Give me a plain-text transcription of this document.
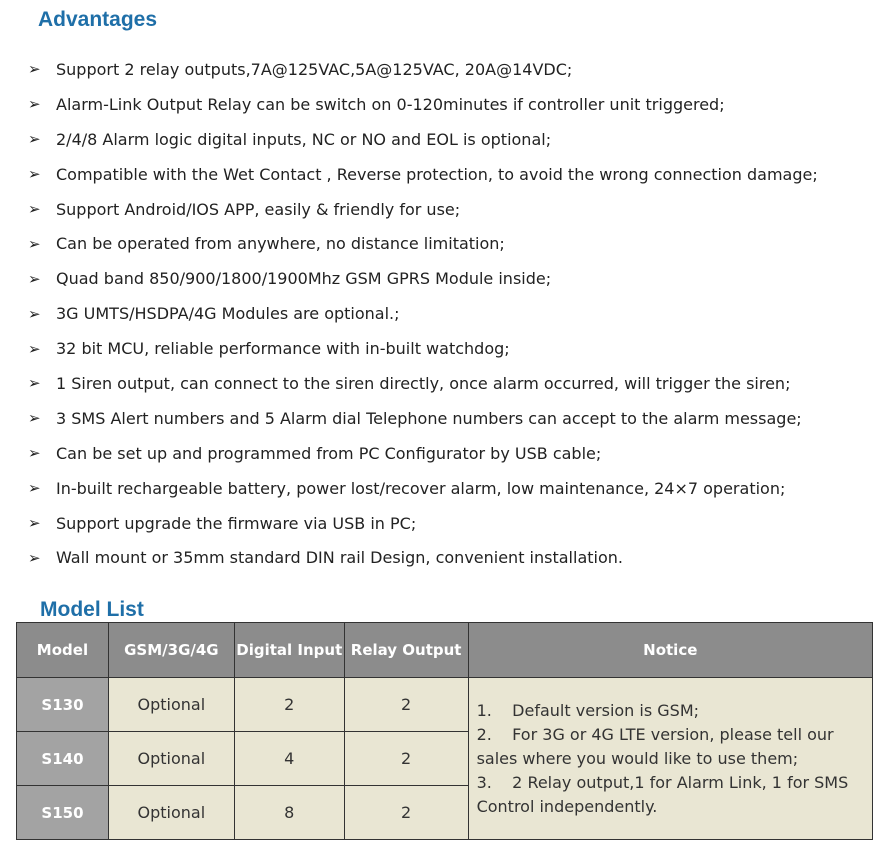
Advantages
➢ Support 2 relay outputs,7A@125VAC,5A@125VAC, 20A@14VDC;
➢ Alarm-Link Output Relay can be switch on 0-120minutes if controller unit triggered;
➢ 2/4/8 Alarm logic digital inputs, NC or NO and EOL is optional;
➢ Compatible with the Wet Contact , Reverse protection, to avoid the wrong connection damage;
➢ Support Android/IOS APP, easily & friendly for use;
➢ Can be operated from anywhere, no distance limitation;
➢ Quad band 850/900/1800/1900Mhz GSM GPRS Module inside;
➢ 3G UMTS/HSDPA/4G Modules are optional.;
➢ 32 bit MCU, reliable performance with in-built watchdog;
➢ 1 Siren output, can connect to the siren directly, once alarm occurred, will trigger the siren;
➢ 3 SMS Alert numbers and 5 Alarm dial Telephone numbers can accept to the alarm message;
➢ Can be set up and programmed from PC Configurator by USB cable;
➢ In-built rechargeable battery, power lost/recover alarm, low maintenance, 24×7 operation;
➢ Support upgrade the firmware via USB in PC;
➢ Wall mount or 35mm standard DIN rail Design, convenient installation.
Model List
Model	GSM/3G/4G	Digital Input	Relay Output	Notice
S130	Optional	2	2	1.    Default version is GSM;
2.    For 3G or 4G LTE version, please tell our sales where you would like to use them;
3.    2 Relay output,1 for Alarm Link, 1 for SMS Control independently.

S140	Optional	4	2	
S150	Optional	8	2	
